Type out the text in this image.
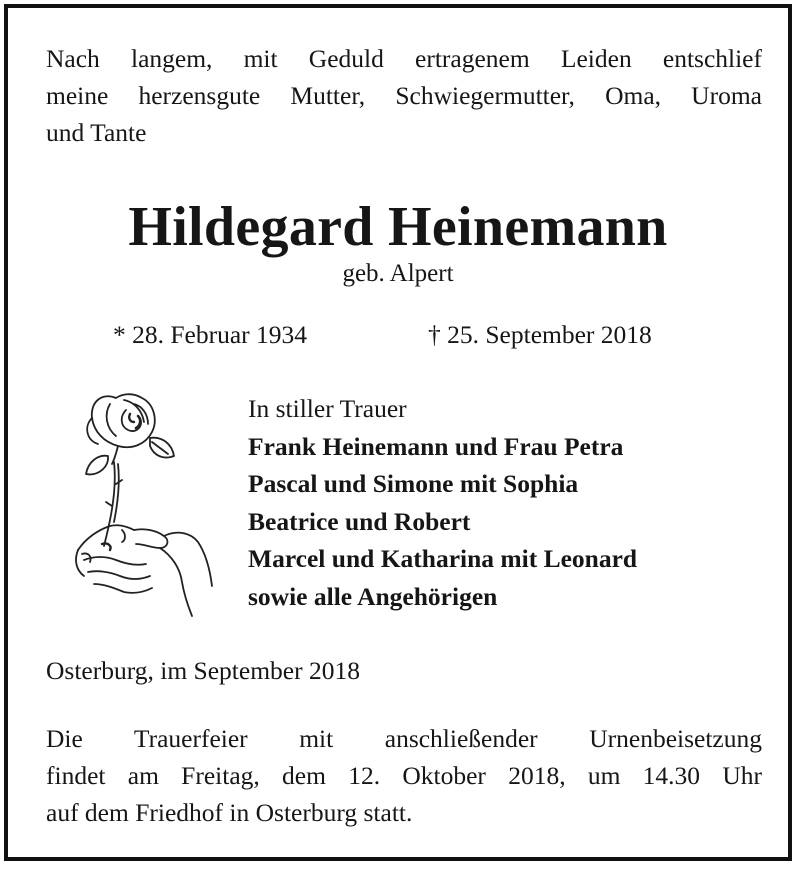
Nach langem, mit Geduld ertragenem Leiden entschlief
meine herzensgute Mutter, Schwiegermutter, Oma, Uroma
und Tante
Hildegard Heinemann
geb. Alpert
* 28. Februar 1934	† 25. September 2018
In stiller Trauer
Frank Heinemann und Frau Petra
Pascal und Simone mit Sophia
Beatrice und Robert
Marcel und Katharina mit Leonard
sowie alle Angehörigen
Osterburg, im September 2018
Die Trauerfeier mit anschließender Urnenbeisetzung
findet am Freitag, dem 12. Oktober 2018, um 14.30 Uhr
auf dem Friedhof in Osterburg statt.
